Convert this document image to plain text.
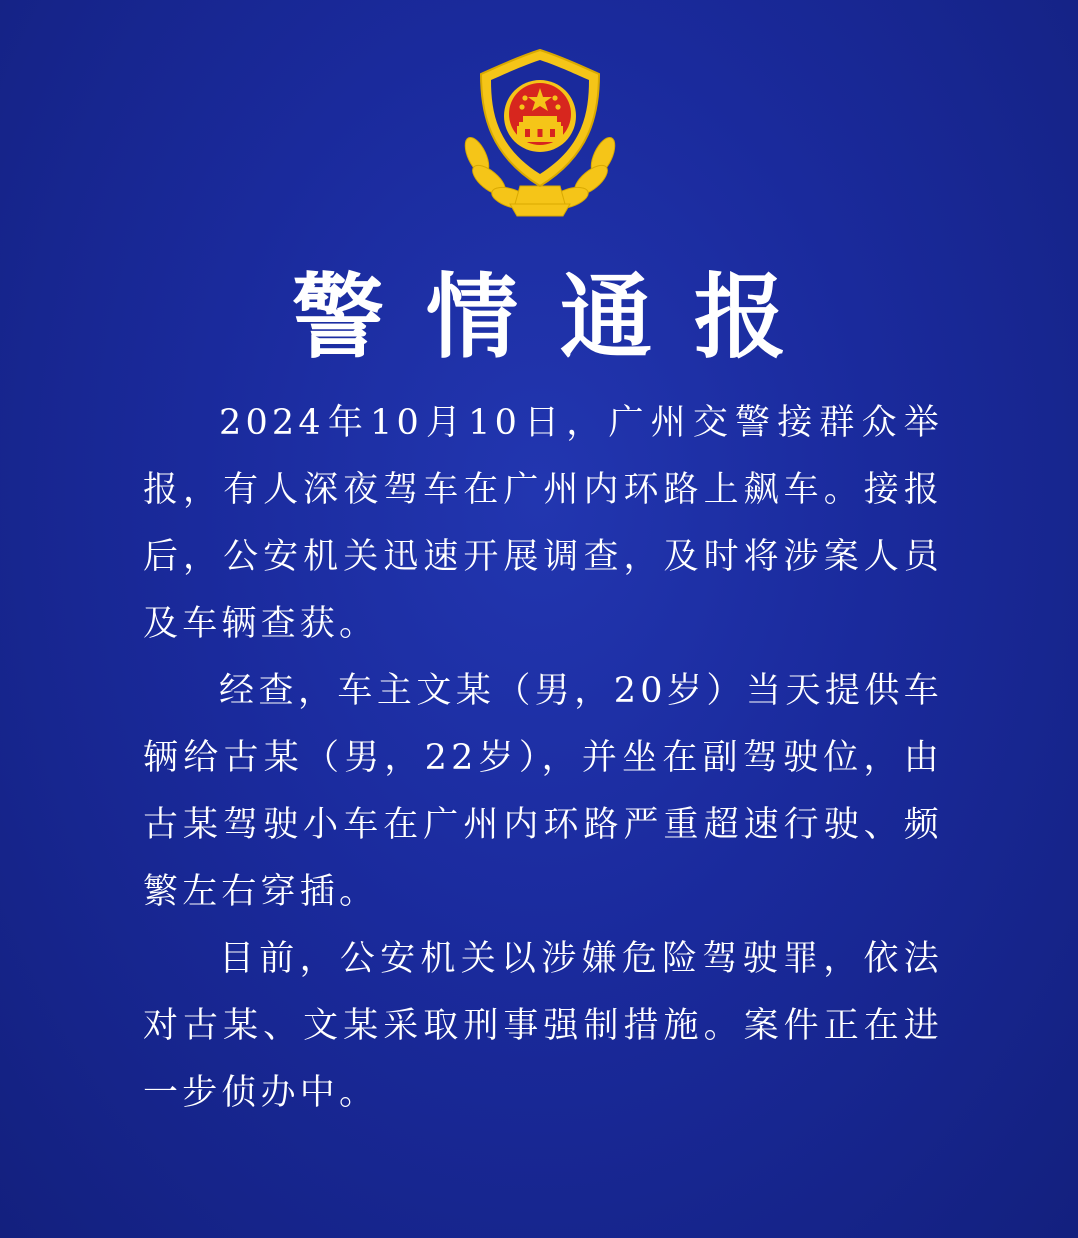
警情通报

2024年10月10日，广州交警接群众举报，有人深夜驾车在广州内环路上飙车。接报后，公安机关迅速开展调查，及时将涉案人员及车辆查获。

经查，车主文某（男，20岁）当天提供车辆给古某（男，22岁），并坐在副驾驶位，由古某驾驶小车在广州内环路严重超速行驶、频繁左右穿插。

目前，公安机关以涉嫌危险驾驶罪，依法对古某、文某采取刑事强制措施。案件正在进一步侦办中。
